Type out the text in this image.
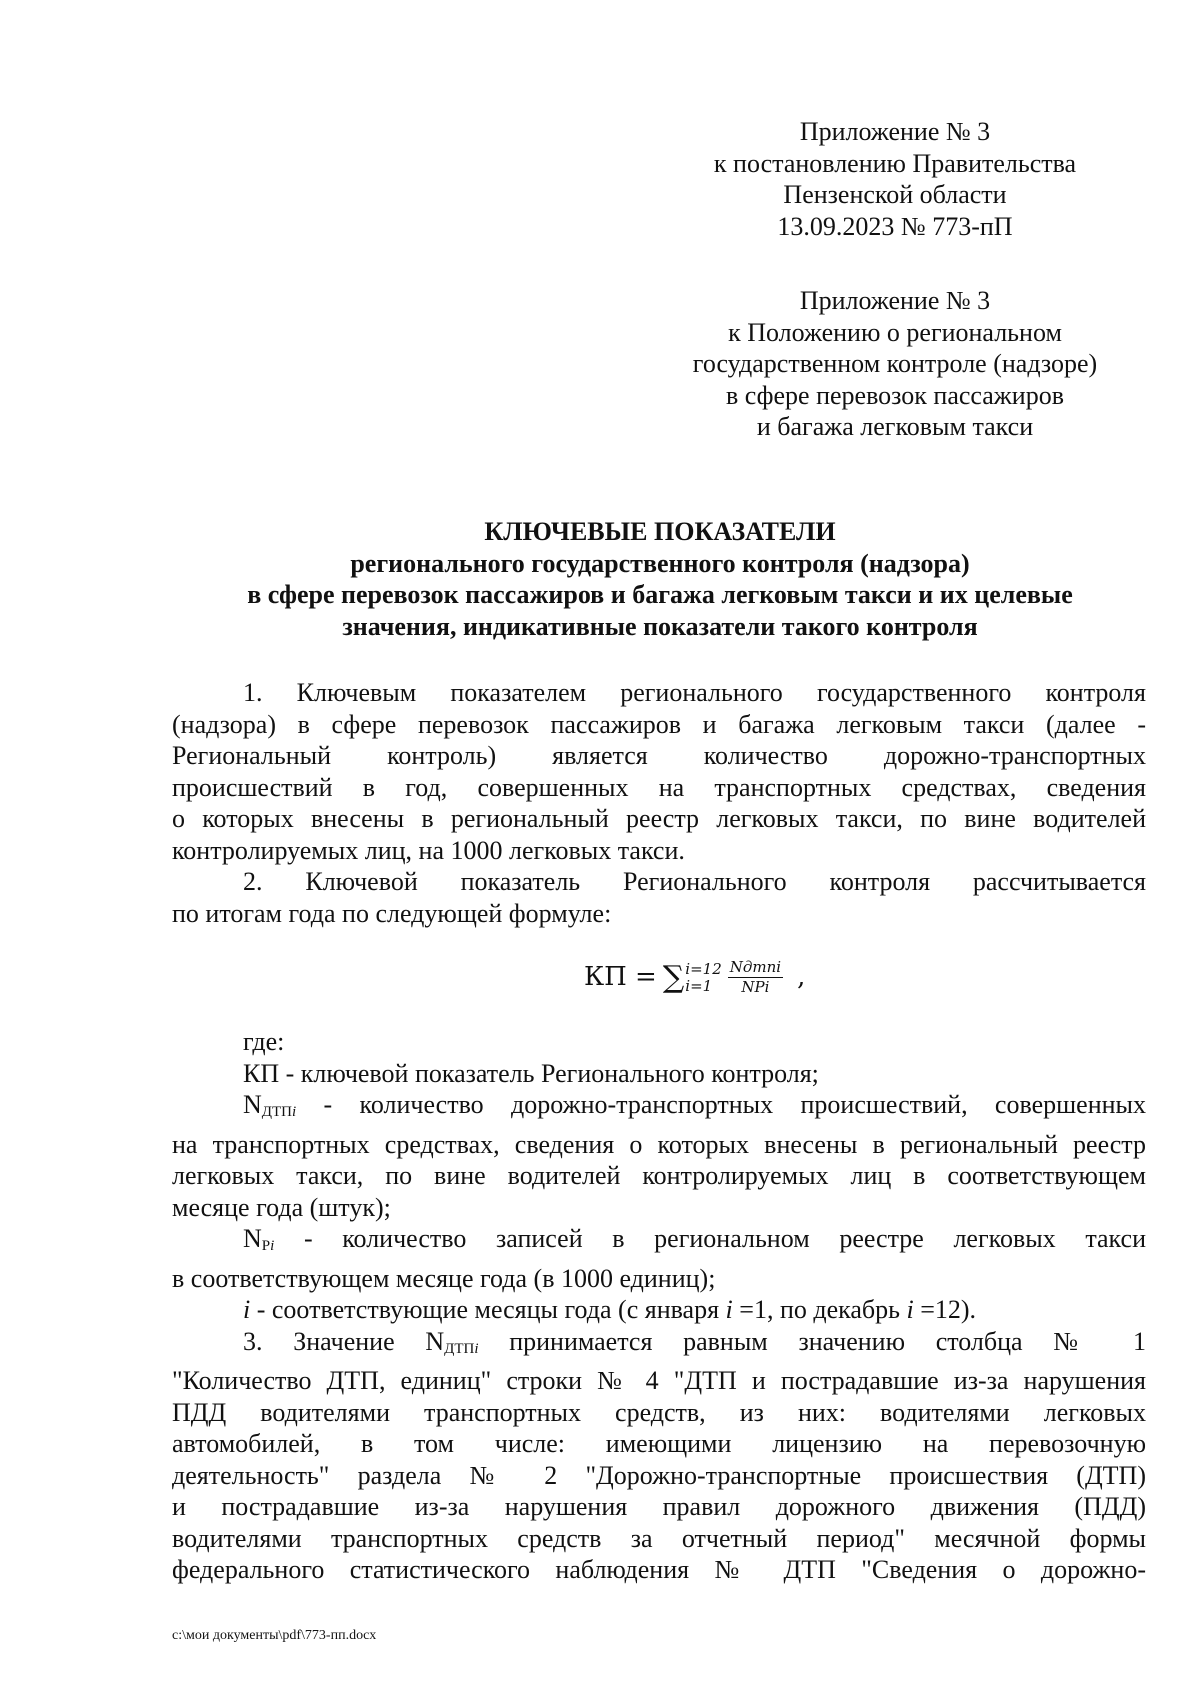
Приложение № 3
к постановлению Правительства
Пензенской области
13.09.2023 № 773-пП
Приложение № 3
к Положению о региональном
государственном контроле (надзоре)
в сфере перевозок пассажиров
и багажа легковым такси
КЛЮЧЕВЫЕ ПОКАЗАТЕЛИ
регионального государственного контроля (надзора)
в сфере перевозок пассажиров и багажа легковым такси и их целевые
значения, индикативные показатели такого контроля
1. Ключевым показателем регионального государственного контроля
(надзора) в сфере перевозок пассажиров и багажа легковым такси (далее -
Региональный контроль) является количество дорожно-транспортных
происшествий в год, совершенных на транспортных средствах, сведения
о которых внесены в региональный реестр легковых такси, по вине водителей
контролируемых лиц, на 1000 легковых такси.
2. Ключевой показатель Регионального контроля рассчитывается
по итогам года по следующей формуле:
КП = ∑ i=12
i=1	$\frac{\text{Nдтпi}}{\text{NPi}}$ ,
где:
КП - ключевой показатель Регионального контроля;
$N_{ДТП}i$ - количество дорожно-транспортных происшествий, совершенных
на транспортных средствах, сведения о которых внесены в региональный реестр
легковых такси, по вине водителей контролируемых лиц в соответствующем
месяце года (штук);
$N_Pi$ - количество записей в региональном реестре легковых такси
в соответствующем месяце года (в 1000 единиц);
i - соответствующие месяцы года (с января i =1, по декабрь i =12).
3. Значение $N_{ДТП}i$ принимается равным значению столбца № 1
"Количество ДТП, единиц" строки № 4 "ДТП и пострадавшие из-за нарушения
ПДД водителями транспортных средств, из них: водителями легковых
автомобилей, в том числе: имеющими лицензию на перевозочную
деятельность" раздела № 2 "Дорожно-транспортные происшествия (ДТП)
и пострадавшие из-за нарушения правил дорожного движения (ПДД)
водителями транспортных средств за отчетный период" месячной формы
федерального статистического наблюдения № ДТП "Сведения о дорожно-
c:\мои документы\pdf\773-пп.docx
